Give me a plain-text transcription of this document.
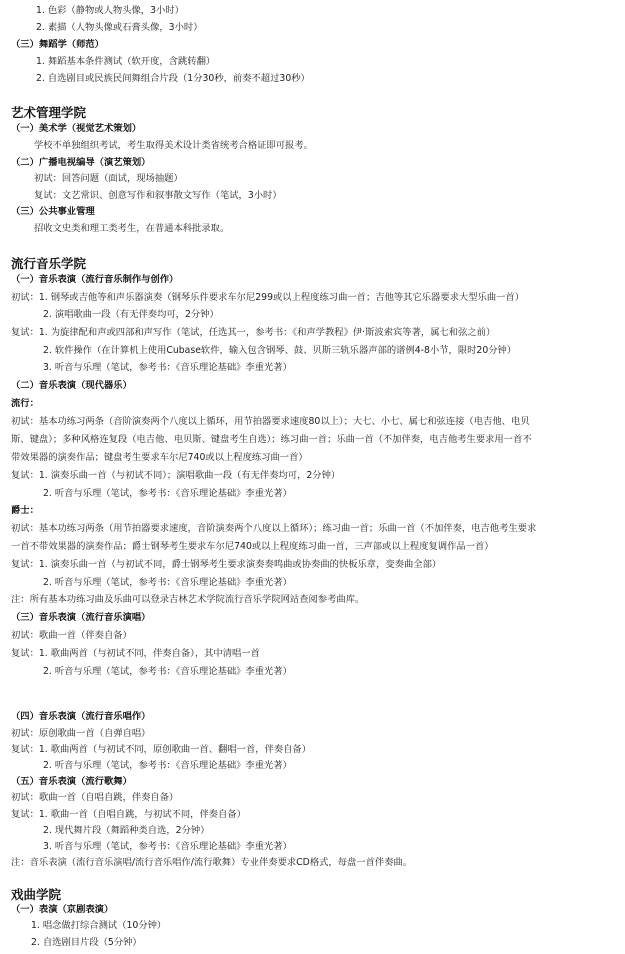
1. 色彩（静物或人物头像，3小时）
2. 素描（人物头像或石膏头像，3小时）
（三）舞蹈学（师范）
1. 舞蹈基本条件测试（软开度，含跳转翻）
2. 自选剧目或民族民间舞组合片段（1分30秒，前奏不超过30秒）
艺术管理学院
（一）美术学（视觉艺术策划）
学校不单独组织考试，考生取得美术设计类省统考合格证即可报考。
（二）广播电视编导（演艺策划）
初试：回答问题（面试，现场抽题）
复试：文艺常识、创意写作和叙事散文写作（笔试，3小时）
（三）公共事业管理
招收文史类和理工类考生，在普通本科批录取。
流行音乐学院
（一）音乐表演（流行音乐制作与创作）
初试：1. 钢琴或吉他等和声乐器演奏（钢琴乐件要求车尔尼299或以上程度练习曲一首；吉他等其它乐器要求大型乐曲一首）
2. 演唱歌曲一段（有无伴奏均可，2分钟）
复试：1. 为旋律配和声或四部和声写作（笔试，任选其一，参考书：《和声学教程》伊·斯波索宾等著，属七和弦之前）
2. 软件操作（在计算机上使用Cubase软件，输入包含钢琴、鼓、贝斯三轨乐器声部的谱例4-8小节，限时20分钟）
3. 听音与乐理（笔试，参考书：《音乐理论基础》李重光著）
（二）音乐表演（现代器乐）
流行：
初试：基本功练习两条（音阶演奏两个八度以上循环，用节拍器要求速度80以上）；大七、小七、属七和弦连接（电吉他、电贝
斯、键盘）；多种风格连复段（电吉他、电贝斯、键盘考生自选）；练习曲一首；乐曲一首（不加伴奏，电吉他考生要求用一首不
带效果器的演奏作品；键盘考生要求车尔尼740或以上程度练习曲一首）
复试：1. 演奏乐曲一首（与初试不同）；演唱歌曲一段（有无伴奏均可，2分钟）
2. 听音与乐理（笔试，参考书：《音乐理论基础》李重光著）
爵士：
初试：基本功练习两条（用节拍器要求速度，音阶演奏两个八度以上循环）；练习曲一首；乐曲一首（不加伴奏，电吉他考生要求
一首不带效果器的演奏作品；爵士钢琴考生要求车尔尼740或以上程度练习曲一首，三声部或以上程度复调作品一首）
复试：1. 演奏乐曲一首（与初试不同，爵士钢琴考生要求演奏奏鸣曲或协奏曲的快板乐章，变奏曲全部）
2. 听音与乐理（笔试，参考书：《音乐理论基础》李重光著）
注：所有基本功练习曲及乐曲可以登录吉林艺术学院流行音乐学院网站查阅参考曲库。
（三）音乐表演（流行音乐演唱）
初试：歌曲一首（伴奏自备）
复试：1. 歌曲两首（与初试不同，伴奏自备），其中清唱一首
2. 听音与乐理（笔试，参考书：《音乐理论基础》李重光著）
（四）音乐表演（流行音乐唱作）
初试：原创歌曲一首（自弹自唱）
复试：1. 歌曲两首（与初试不同，原创歌曲一首、翻唱一首，伴奏自备）
2. 听音与乐理（笔试，参考书：《音乐理论基础》李重光著）
（五）音乐表演（流行歌舞）
初试：歌曲一首（自唱自跳，伴奏自备）
复试：1. 歌曲一首（自唱自跳，与初试不同，伴奏自备）
2. 现代舞片段（舞蹈种类自选，2分钟）
3. 听音与乐理（笔试，参考书：《音乐理论基础》李重光著）
注：音乐表演（流行音乐演唱/流行音乐唱作/流行歌舞）专业伴奏要求CD格式，每盘一首伴奏曲。
戏曲学院
（一）表演（京剧表演）
1. 唱念做打综合测试（10分钟）
2. 自选剧目片段（5分钟）
